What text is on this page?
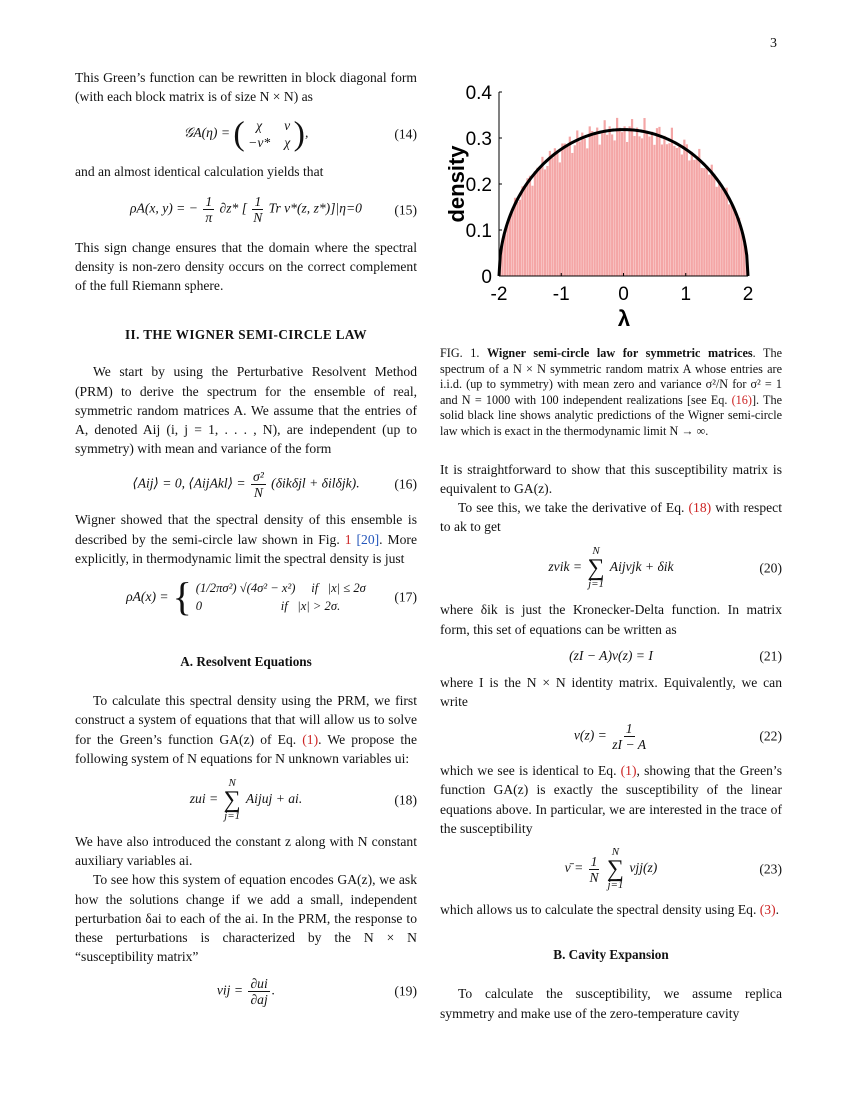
3

This Green’s function can be rewritten in block diagonal form (with each block matrix is of size N × N) as

𝒢A(η) = ( χ	ν
−ν* χ ),	(14)

and an almost identical calculation yields that

ρA(x, y) = − $\frac{1}{\pi} \partial z*$ [ $\frac{1}{N}$ Tr ν*(z, z*)]|η=0 (15)

This sign change ensures that the domain where the spectral density is non-zero density occurs on the correct complement of the full Riemann sphere.

II. THE WIGNER SEMI-CIRCLE LAW

We start by using the Perturbative Resolvent Method (PRM) to derive the spectrum for the ensemble of real, symmetric random matrices A. We assume that the entries of A, denoted Aij (i, j = 1, . . . , N), are independent (up to symmetry) with mean and variance of the form

⟨Aij⟩ = 0, ⟨AijAkl⟩ = $\frac{\text{σ²}}{N} (\delta ik\delta jl + \delta il\delta jk)$.	(16)

Wigner showed that the spectral density of this ensemble is described by the semi-circle law shown in Fig. 1 [20]. More explicitly, in thermodynamic limit the spectral density is just

ρA(x) = { (1/2πσ²) √(4σ² − x²)     if   |x| ≤ 2σ
0                         if   |x| > 2σ.
(17)
A. Resolvent Equations

To calculate this spectral density using the PRM, we first construct a system of equations that that will allow us to solve for the Green’s function GA(z) of Eq. (1). We propose the following system of N equations for N unknown variables ui:

zui =
N
∑
j=1
Aijuj + ai.	(18)

We have also introduced the constant z along with N constant auxiliary variables ai.

To see how this system of equation encodes GA(z), we ask how the solutions change if we add a small, independent perturbation δai to each of the ai. In the PRM, the response to these perturbations is characterized by the N × N “susceptibility matrix”

$\nu ij = \frac{\partial ui}{\partial aj}$ .	(19)
0
0.1
0.2
0.3
0.4
-2 -1	0	1	2
density
λ

FIG. 1. Wigner semi-circle law for symmetric matrices. The spectrum of a N × N symmetric random matrix A whose entries are i.i.d. (up to symmetry) with mean zero and variance σ²/N for σ² = 1 and N = 1000 with 100 independent realizations [see Eq. (16)]. The solid black line shows analytic predictions of the Wigner semi-circle law which is exact in the thermodynamic limit N → ∞.

It is straightforward to show that this susceptibility matrix is equivalent to GA(z).

To see this, we take the derivative of Eq. (18) with respect to ak to get

zνik =
N
∑
j=1
Aijνjk + δik	(20)

where δik is just the Kronecker-Delta function. In matrix form, this set of equations can be written as

(zI − A)ν(z) = I	(21)

where I is the N × N identity matrix. Equivalently, we can write

$\nu(z) = \frac{1}{zI - A}$	(22)

which we see is identical to Eq. (1), showing that the Green’s function GA(z) is exactly the susceptibility of the linear equations above. In particular, we are interested in the trace of the susceptibility

ν̄ = $\frac{1}{N}$

N
∑
j=1
νjj(z)	(23)

which allows us to calculate the spectral density using Eq. (3).

B. Cavity Expansion

To calculate the susceptibility, we assume replica symmetry and make use of the zero-temperature cavity
